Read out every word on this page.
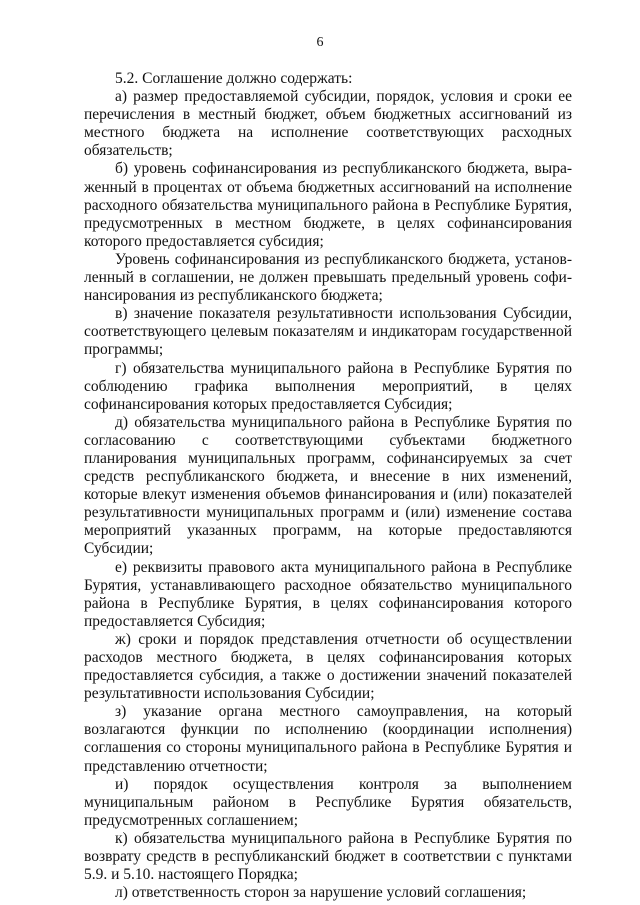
6

5.2. Соглашение должно содержать:

а) размер предоставляемой субсидии, порядок, условия и сроки ее перечисления в местный бюджет, объем бюджетных ассигнований из местного бюджета на исполнение соответствующих расходных обязательств;

б) уровень софинансирования из республиканского бюджета, выраженный в процентах от объема бюджетных ассигнований на исполнение расходного обязательства муниципального района в Республике Бурятия, предусмотренных в местном бюджете, в целях софинансирования которого предоставляется субсидия;

Уровень софинансирования из республиканского бюджета, установленный в соглашении, не должен превышать предельный уровень софинансирования из республиканского бюджета;

в) значение показателя результативности использования Субсидии, соответствующего целевым показателям и индикаторам государственной программы;

г) обязательства муниципального района в Республике Бурятия по соблюдению графика выполнения мероприятий, в целях софинансирования которых предоставляется Субсидия;

д) обязательства муниципального района в Республике Бурятия по согласованию с соответствующими субъектами бюджетного планирования муниципальных программ, софинансируемых за счет средств республиканского бюджета, и внесение в них изменений, которые влекут изменения объемов финансирования и (или) показателей результативности муниципальных программ и (или) изменение состава мероприятий указанных программ, на которые предоставляются Субсидии;

е) реквизиты правового акта муниципального района в Республике Бурятия, устанавливающего расходное обязательство муниципального района в Республике Бурятия, в целях софинансирования которого предоставляется Субсидия;

ж) сроки и порядок представления отчетности об осуществлении расходов местного бюджета, в целях софинансирования которых предоставляется субсидия, а также о достижении значений показателей результативности использования Субсидии;

з) указание органа местного самоуправления, на который возлагаются функции по исполнению (координации исполнения) соглашения со стороны муниципального района в Республике Бурятия и представлению отчетности;

и) порядок осуществления контроля за выполнением муниципальным районом в Республике Бурятия обязательств, предусмотренных соглашением;

к) обязательства муниципального района в Республике Бурятия по возврату средств в республиканский бюджет в соответствии с пунктами 5.9. и 5.10. настоящего Порядка;

л) ответственность сторон за нарушение условий соглашения;
